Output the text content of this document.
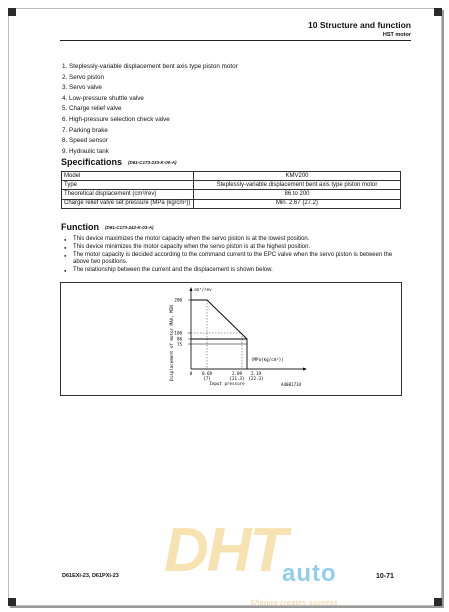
10 Structure and function
HST motor
1. Steplessly-variable displacement bent axis type piston motor
2. Servo piston
3. Servo valve
4. Low-pressure shuttle valve
5. Charge relief valve
6. High-pressure selection check valve
7. Parking brake
8. Speed sensor
9. Hydraulic tank
Specifications (D61-C173-233-K-00-A)
Model	KMV200
Type	Steplessly-variable displacement bent axis type piston motor
Theoretical displacement (cm³/rev)	86 to 200
Charge relief valve set pressure (MPa {kg/cm²})	Min. 2.67 {27.2}
Function (D61-C173-242-K-03-A)
● This device maximizes the motor capacity when the servo piston is at the lowest position.
● This device minimizes the motor capacity when the servo piston is at the highest position.
● The motor capacity is decided according to the command current to the EPC valve when the servo piston is between the above two positions.
● The relationship between the current and the displacement is shown below.
cm³/rev
200
100
86
75
Displacement of motor MAX, MIN	(MPa{kg/cm²})
0 0.69
{7}
2.09
{21.3}
2.19
{22.3}
Input pressure	A4001734
DHT
auto
Sharing creates success
D61EXi-23, D61PXi-23	10-71
